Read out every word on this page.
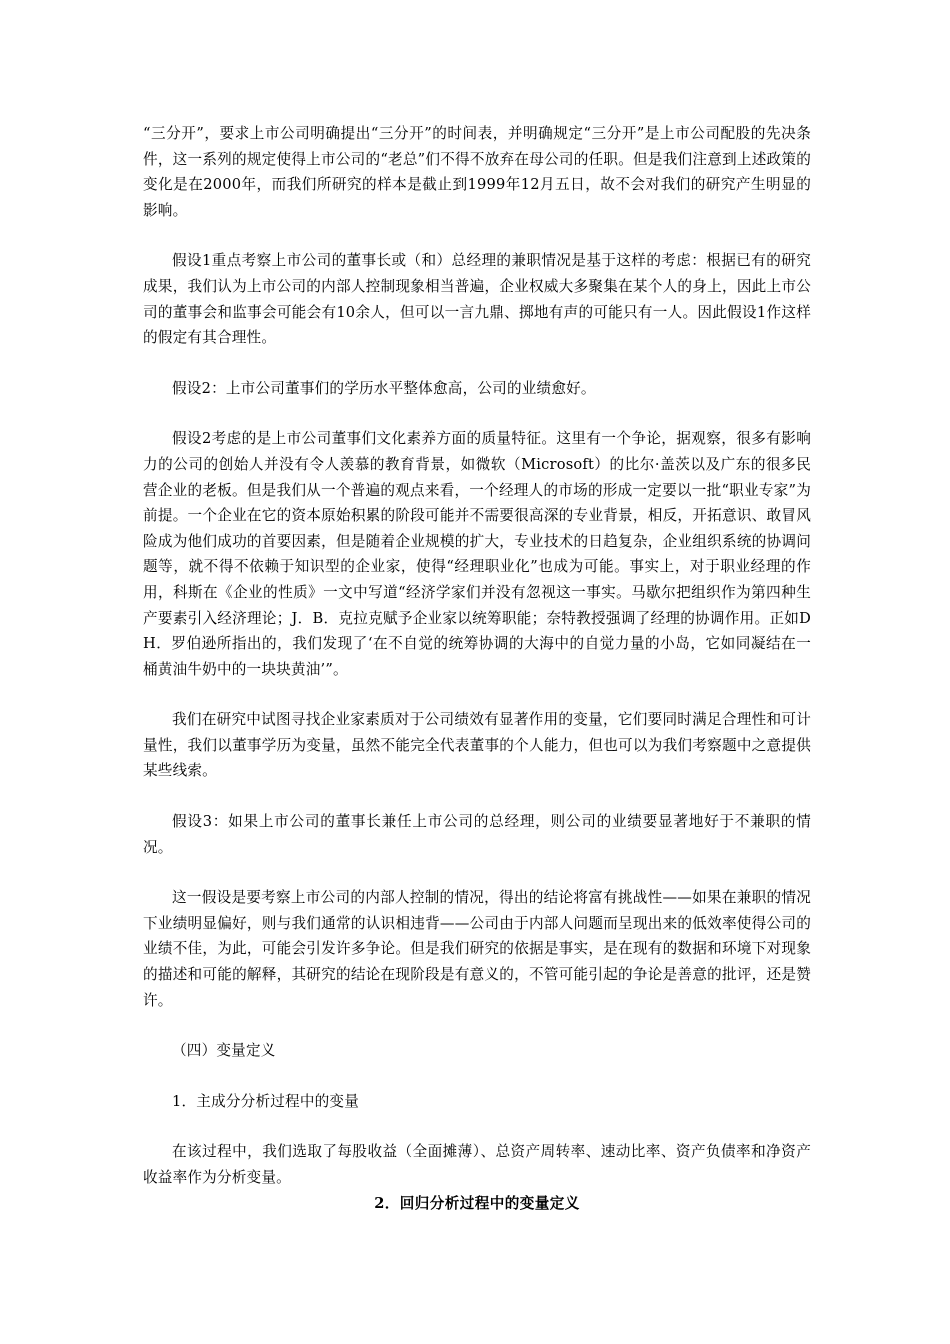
“三分开”，要求上市公司明确提出“三分开”的时间表，并明确规定“三分开”是上市公司配股的先决条件，这一系列的规定使得上市公司的“老总”们不得不放弃在母公司的任职。但是我们注意到上述政策的变化是在2000年，而我们所研究的样本是截止到1999年12月五日，故不会对我们的研究产生明显的影响。

假设1重点考察上市公司的董事长或（和）总经理的兼职情况是基于这样的考虑：根据已有的研究成果，我们认为上市公司的内部人控制现象相当普遍，企业权威大多聚集在某个人的身上，因此上市公司的董事会和监事会可能会有10余人，但可以一言九鼎、掷地有声的可能只有一人。因此假设1作这样的假定有其合理性。

假设2：上市公司董事们的学历水平整体愈高，公司的业绩愈好。

假设2考虑的是上市公司董事们文化素养方面的质量特征。这里有一个争论，据观察，很多有影响力的公司的创始人并没有令人羡慕的教育背景，如微软（Microsoft）的比尔·盖茨以及广东的很多民营企业的老板。但是我们从一个普遍的观点来看，一个经理人的市场的形成一定要以一批“职业专家”为前提。一个企业在它的资本原始积累的阶段可能并不需要很高深的专业背景，相反，开拓意识、敢冒风险成为他们成功的首要因素，但是随着企业规模的扩大，专业技术的日趋复杂，企业组织系统的协调问题等，就不得不依赖于知识型的企业家，使得“经理职业化”也成为可能。事实上，对于职业经理的作用，科斯在《企业的性质》一文中写道“经济学家们并没有忽视这一事实。马歇尔把组织作为第四种生产要素引入经济理论；J．B．克拉克赋予企业家以统筹职能；奈特教授强调了经理的协调作用。正如D H．罗伯逊所指出的，我们发现了‘在不自觉的统筹协调的大海中的自觉力量的小岛，它如同凝结在一桶黄油牛奶中的一块块黄油’”。

我们在研究中试图寻找企业家素质对于公司绩效有显著作用的变量，它们要同时满足合理性和可计量性，我们以董事学历为变量，虽然不能完全代表董事的个人能力，但也可以为我们考察题中之意提供某些线索。

假设3：如果上市公司的董事长兼任上市公司的总经理，则公司的业绩要显著地好于不兼职的情况。

这一假设是要考察上市公司的内部人控制的情况，得出的结论将富有挑战性——如果在兼职的情况下业绩明显偏好，则与我们通常的认识相违背——公司由于内部人问题而呈现出来的低效率使得公司的业绩不佳，为此，可能会引发许多争论。但是我们研究的依据是事实，是在现有的数据和环境下对现象的描述和可能的解释，其研究的结论在现阶段是有意义的，不管可能引起的争论是善意的批评，还是赞许。

（四）变量定义

1．主成分分析过程中的变量

在该过程中，我们选取了每股收益（全面摊薄）、总资产周转率、速动比率、资产负债率和净资产收益率作为分析变量。

2．回归分析过程中的变量定义
